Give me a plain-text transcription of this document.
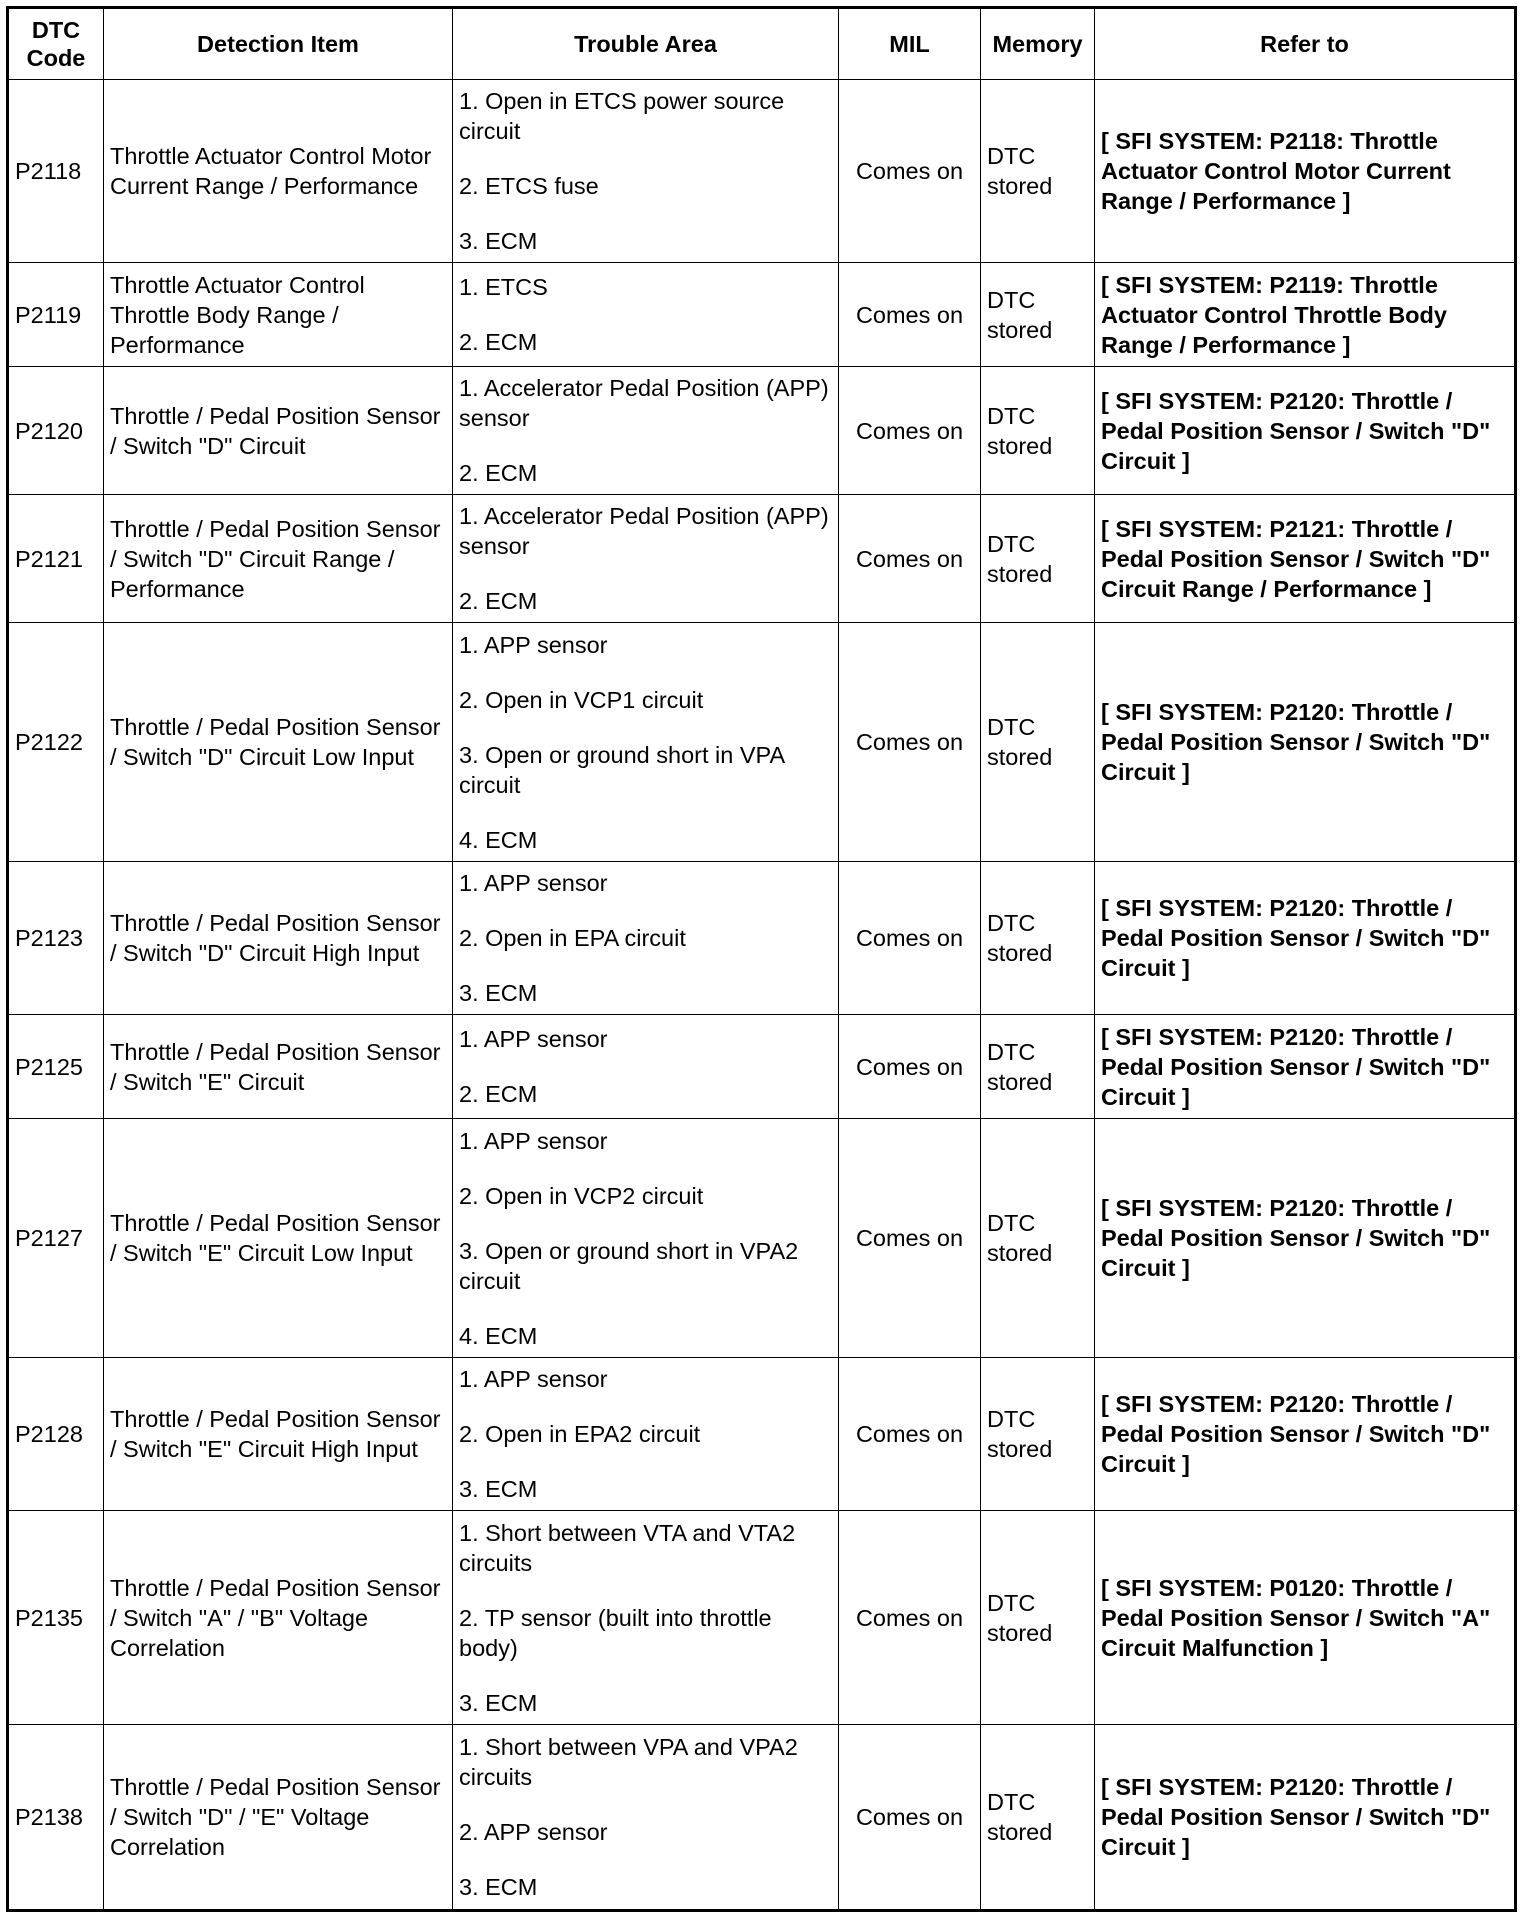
DTC Code	Detection Item	Trouble Area	MIL	Memory	Refer to
P2118	Throttle Actuator Control Motor Current Range / Performance	1. Open in ETCS power source circuit
2. ETCS fuse
3. ECM	Comes on	DTC stored	[ SFI SYSTEM: P2118: Throttle Actuator Control Motor Current Range / Performance ]
P2119	Throttle Actuator Control Throttle Body Range / Performance	1. ETCS
2. ECM	Comes on	DTC stored	[ SFI SYSTEM: P2119: Throttle Actuator Control Throttle Body Range / Performance ]
P2120	Throttle / Pedal Position Sensor / Switch "D" Circuit	1. Accelerator Pedal Position (APP) sensor
2. ECM	Comes on	DTC stored	[ SFI SYSTEM: P2120: Throttle / Pedal Position Sensor / Switch "D" Circuit ]
P2121	Throttle / Pedal Position Sensor / Switch "D" Circuit Range / Performance	1. Accelerator Pedal Position (APP) sensor
2. ECM	Comes on	DTC stored	[ SFI SYSTEM: P2121: Throttle / Pedal Position Sensor / Switch "D" Circuit Range / Performance ]
P2122	Throttle / Pedal Position Sensor / Switch "D" Circuit Low Input	1. APP sensor
2. Open in VCP1 circuit
3. Open or ground short in VPA circuit
4. ECM	Comes on	DTC stored	[ SFI SYSTEM: P2120: Throttle / Pedal Position Sensor / Switch "D" Circuit ]
P2123	Throttle / Pedal Position Sensor / Switch "D" Circuit High Input	1. APP sensor
2. Open in EPA circuit
3. ECM	Comes on	DTC stored	[ SFI SYSTEM: P2120: Throttle / Pedal Position Sensor / Switch "D" Circuit ]
P2125	Throttle / Pedal Position Sensor / Switch "E" Circuit	1. APP sensor
2. ECM	Comes on	DTC stored	[ SFI SYSTEM: P2120: Throttle / Pedal Position Sensor / Switch "D" Circuit ]
P2127	Throttle / Pedal Position Sensor / Switch "E" Circuit Low Input	1. APP sensor
2. Open in VCP2 circuit
3. Open or ground short in VPA2 circuit
4. ECM	Comes on	DTC stored	[ SFI SYSTEM: P2120: Throttle / Pedal Position Sensor / Switch "D" Circuit ]
P2128	Throttle / Pedal Position Sensor / Switch "E" Circuit High Input	1. APP sensor
2. Open in EPA2 circuit
3. ECM	Comes on	DTC stored	[ SFI SYSTEM: P2120: Throttle / Pedal Position Sensor / Switch "D" Circuit ]
P2135	Throttle / Pedal Position Sensor / Switch "A" / "B" Voltage Correlation	1. Short between VTA and VTA2 circuits
2. TP sensor (built into throttle body)
3. ECM	Comes on	DTC stored	[ SFI SYSTEM: P0120: Throttle / Pedal Position Sensor / Switch "A" Circuit Malfunction ]
P2138	Throttle / Pedal Position Sensor / Switch "D" / "E" Voltage Correlation	1. Short between VPA and VPA2 circuits
2. APP sensor
3. ECM	Comes on	DTC stored	[ SFI SYSTEM: P2120: Throttle / Pedal Position Sensor / Switch "D" Circuit ]
